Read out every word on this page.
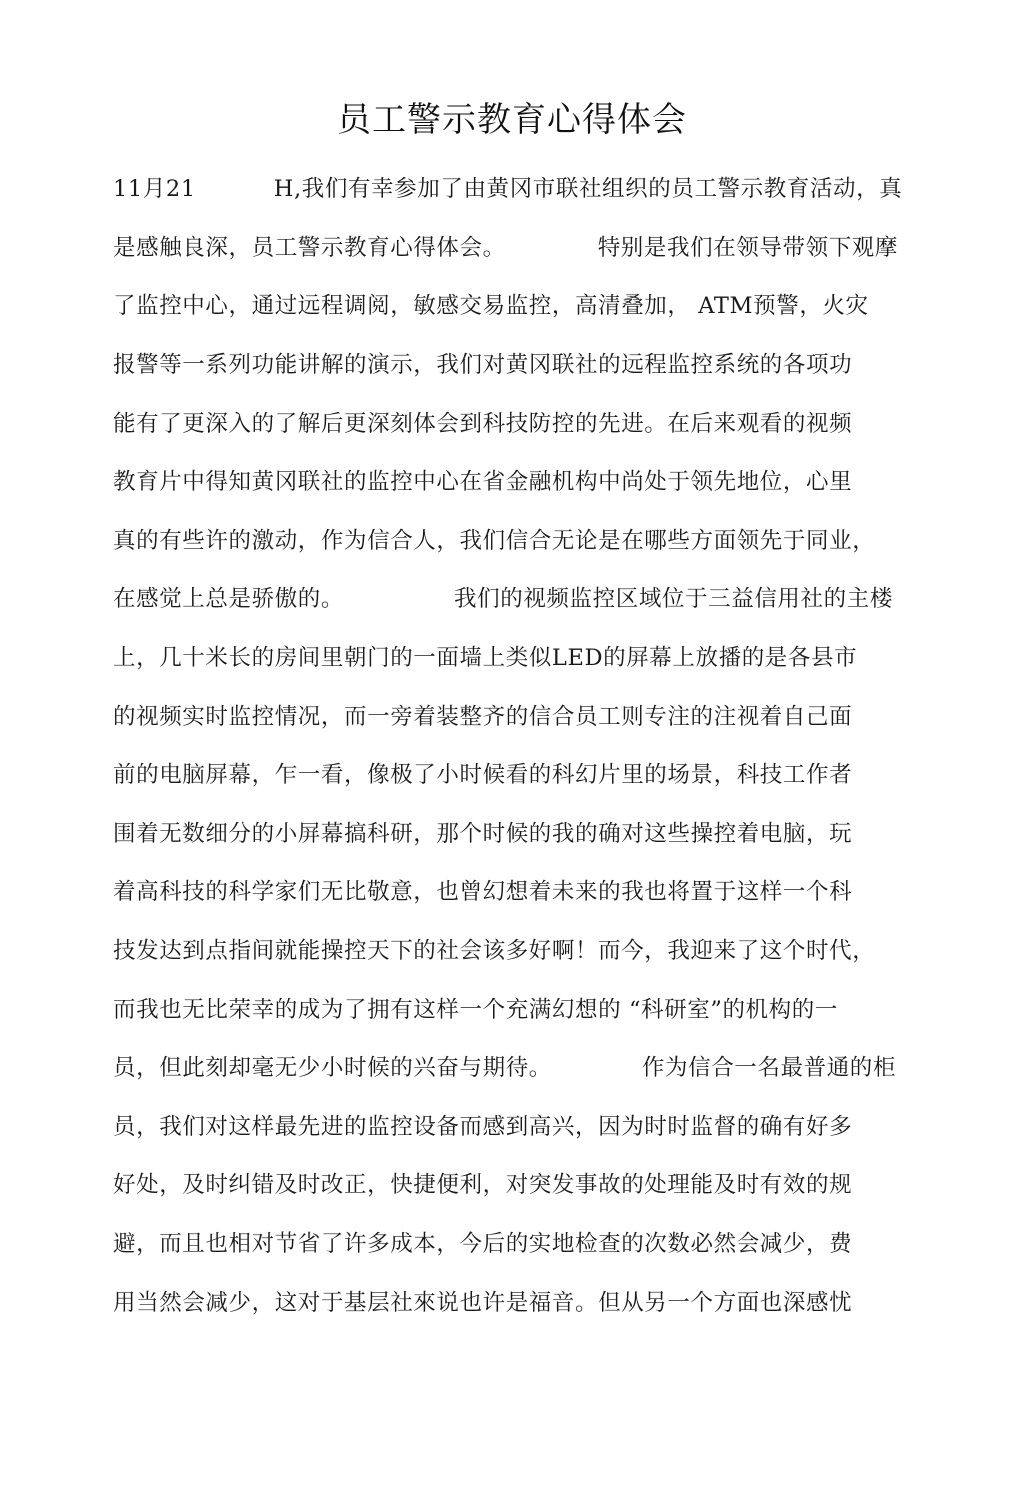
员工警示教育心得体会
11月21	H,我们有幸参加了由黄冈市联社组织的员工警示教育活动，真
是感触良深，员工警示教育心得体会。	特别是我们在领导带领下观摩
了监控中心，通过远程调阅，敏感交易监控，高清叠加， ATM预警，火灾
报警等一系列功能讲解的演示，我们对黄冈联社的远程监控系统的各项功
能有了更深入的了解后更深刻体会到科技防控的先进。在后来观看的视频
教育片中得知黄冈联社的监控中心在省金融机构中尚处于领先地位，心里
真的有些许的激动，作为信合人，我们信合无论是在哪些方面领先于同业，
在感觉上总是骄傲的。	我们的视频监控区域位于三益信用社的主楼
上，几十米长的房间里朝门的一面墙上类似LED的屏幕上放播的是各县市
的视频实时监控情况，而一旁着装整齐的信合员工则专注的注视着自己面
前的电脑屏幕，乍一看，像极了小时候看的科幻片里的场景，科技工作者
围着无数细分的小屏幕搞科研，那个时候的我的确对这些操控着电脑，玩
着高科技的科学家们无比敬意，也曾幻想着未来的我也将置于这样一个科
技发达到点指间就能操控天下的社会该多好啊！而今，我迎来了这个时代，
而我也无比荣幸的成为了拥有这样一个充满幻想的 “科研室”的机构的一
员，但此刻却毫无少小时候的兴奋与期待。	作为信合一名最普通的柜
员，我们对这样最先进的监控设备而感到高兴，因为时时监督的确有好多
好处，及时纠错及时改正，快捷便利，对突发事故的处理能及时有效的规
避，而且也相对节省了许多成本，今后的实地检查的次数必然会减少，费
用当然会减少，这对于基层社來说也许是福音。但从另一个方面也深感忧
